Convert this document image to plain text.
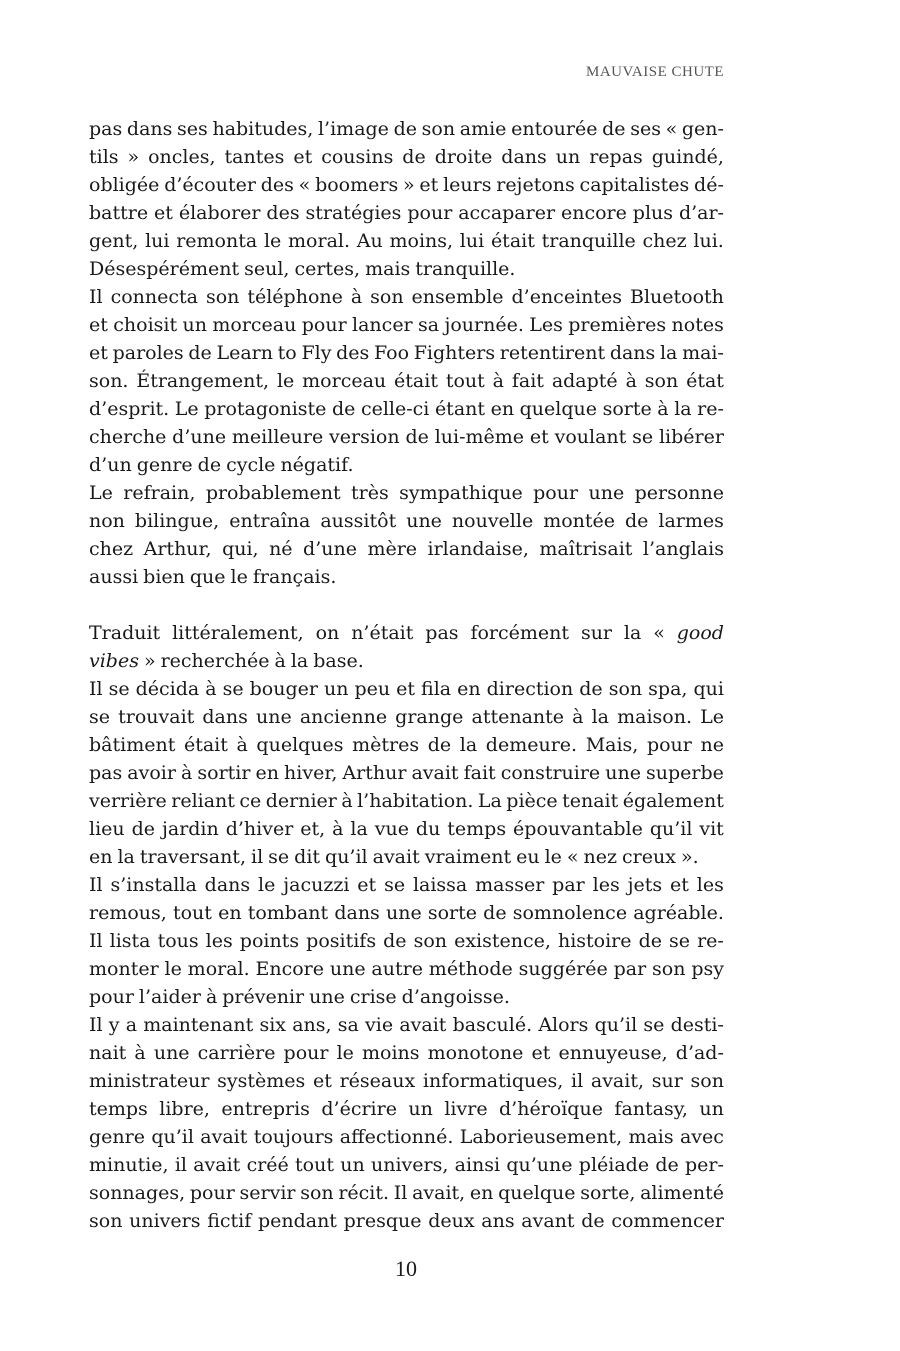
MAUVAISE CHUTE
pas dans ses habitudes, l’image de son amie entourée de ses « gen-
tils » oncles, tantes et cousins de droite dans un repas guindé,
obligée d’écouter des « boomers » et leurs rejetons capitalistes dé-
battre et élaborer des stratégies pour accaparer encore plus d’ar-
gent, lui remonta le moral. Au moins, lui était tranquille chez lui.
Désespérément seul, certes, mais tranquille.
Il connecta son téléphone à son ensemble d’enceintes Bluetooth
et choisit un morceau pour lancer sa journée. Les premières notes
et paroles de Learn to Fly des Foo Fighters retentirent dans la mai-
son. Étrangement, le morceau était tout à fait adapté à son état
d’esprit. Le protagoniste de celle-ci étant en quelque sorte à la re-
cherche d’une meilleure version de lui-même et voulant se libérer
d’un genre de cycle négatif.
Le refrain, probablement très sympathique pour une personne
non bilingue, entraîna aussitôt une nouvelle montée de larmes
chez Arthur, qui, né d’une mère irlandaise, maîtrisait l’anglais
aussi bien que le français.
Traduit littéralement, on n’était pas forcément sur la « good
vibes » recherchée à la base.
Il se décida à se bouger un peu et fila en direction de son spa, qui
se trouvait dans une ancienne grange attenante à la maison. Le
bâtiment était à quelques mètres de la demeure. Mais, pour ne
pas avoir à sortir en hiver, Arthur avait fait construire une superbe
verrière reliant ce dernier à l’habitation. La pièce tenait également
lieu de jardin d’hiver et, à la vue du temps épouvantable qu’il vit
en la traversant, il se dit qu’il avait vraiment eu le « nez creux ».
Il s’installa dans le jacuzzi et se laissa masser par les jets et les
remous, tout en tombant dans une sorte de somnolence agréable.
Il lista tous les points positifs de son existence, histoire de se re-
monter le moral. Encore une autre méthode suggérée par son psy
pour l’aider à prévenir une crise d’angoisse.
Il y a maintenant six ans, sa vie avait basculé. Alors qu’il se desti-
nait à une carrière pour le moins monotone et ennuyeuse, d’ad-
ministrateur systèmes et réseaux informatiques, il avait, sur son
temps libre, entrepris d’écrire un livre d’héroïque fantasy, un
genre qu’il avait toujours affectionné. Laborieusement, mais avec
minutie, il avait créé tout un univers, ainsi qu’une pléiade de per-
sonnages, pour servir son récit. Il avait, en quelque sorte, alimenté
son univers fictif pendant presque deux ans avant de commencer
10
